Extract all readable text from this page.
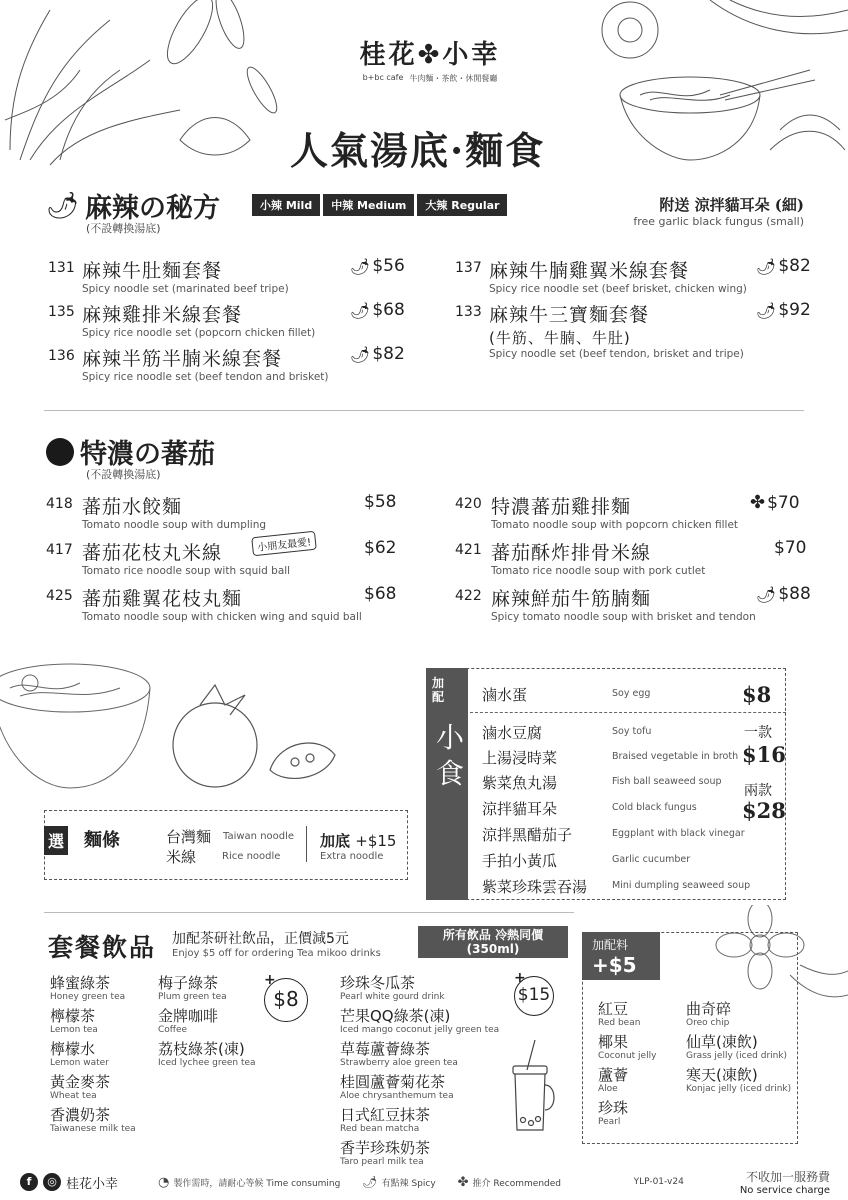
桂花✤小幸
b+bc cafe 牛肉麵・茶飲・休閒餐廳
人氣湯底·麵食
🌶 麻辣の秘方
(不設轉換湯底)
小辣 Mild	中辣 Medium	大辣 Regular	附送 涼拌貓耳朵 (細)
free garlic black fungus (small)
131 麻辣牛肚麵套餐
Spicy noodle set (marinated beef tripe)
🌶 $56
135 麻辣雞排米線套餐
Spicy rice noodle set (popcorn chicken fillet)
🌶 $68
136 麻辣半筋半腩米線套餐
Spicy rice noodle set (beef tendon and brisket)
🌶 $82
137 麻辣牛腩雞翼米線套餐
Spicy rice noodle set (beef brisket, chicken wing)
🌶 $82
133 麻辣牛三寶麵套餐
(牛筋、牛腩、牛肚)
Spicy noodle set (beef tendon, brisket and tripe)
🌶 $92
特濃の蕃茄
(不設轉換湯底)
418 蕃茄水餃麵
Tomato noodle soup with dumpling
$58
417 蕃茄花枝丸米線
Tomato rice noodle soup with squid ball
小朋友最愛!	$62
425 蕃茄雞翼花枝丸麵
Tomato noodle soup with chicken wing and squid ball
$68
420 特濃蕃茄雞排麵
Tomato noodle soup with popcorn chicken fillet
✤ $70
421 蕃茄酥炸排骨米線
Tomato rice noodle soup with pork cutlet
$70
422 麻辣鮮茄牛筋腩麵
Spicy tomato noodle soup with brisket and tendon
🌶 $88
加配
小食
滷水蛋	Soy egg	$8
滷水豆腐	Soy tofu
上湯浸時菜	Braised vegetable in broth
紫菜魚丸湯	Fish ball seaweed soup
涼拌貓耳朵	Cold black fungus
涼拌黑醋茄子	Eggplant with black vinegar
手拍小黃瓜	Garlic cucumber
紫菜珍珠雲吞湯	Mini dumpling seaweed soup
一款
$16
兩款
$28
選 麵條	台灣麵 Taiwan noodle
米線	Rice noodle
加底 +$15
Extra noodle
套餐飲品 加配茶研社飲品，正價減5元
Enjoy $5 off for ordering Tea mikoo drinks
所有飲品 冷熱同價
(350ml)
蜂蜜綠茶
Honey green tea
檸檬茶
Lemon tea
檸檬水
Lemon water
黃金麥茶
Wheat tea
香濃奶茶
Taiwanese milk tea
梅子綠茶
Plum green tea
金牌咖啡
Coffee
荔枝綠茶(凍)
Iced lychee green tea
+
$8
珍珠冬瓜茶
Pearl white gourd drink
芒果QQ綠茶(凍)
Iced mango coconut jelly green tea
草莓蘆薈綠茶
Strawberry aloe green tea
桂圓蘆薈菊花茶
Aloe chrysanthemum tea
日式紅豆抹茶
Red bean matcha
香芋珍珠奶茶
Taro pearl milk tea
+
$15
加配料
+$5
紅豆
Red bean
椰果
Coconut jelly
蘆薈
Aloe
珍珠
Pearl
曲奇碎
Oreo chip
仙草(凍飲)
Grass jelly (iced drink)
寒天(凍飲)
Konjac jelly (iced drink)
f	◎ 桂花小幸	◔ 製作需時，請耐心等候 Time consuming 🌶 有點辣 Spicy ✤ 推介 Recommended	YLP-01-v24	不收加一服務費
No service charge
